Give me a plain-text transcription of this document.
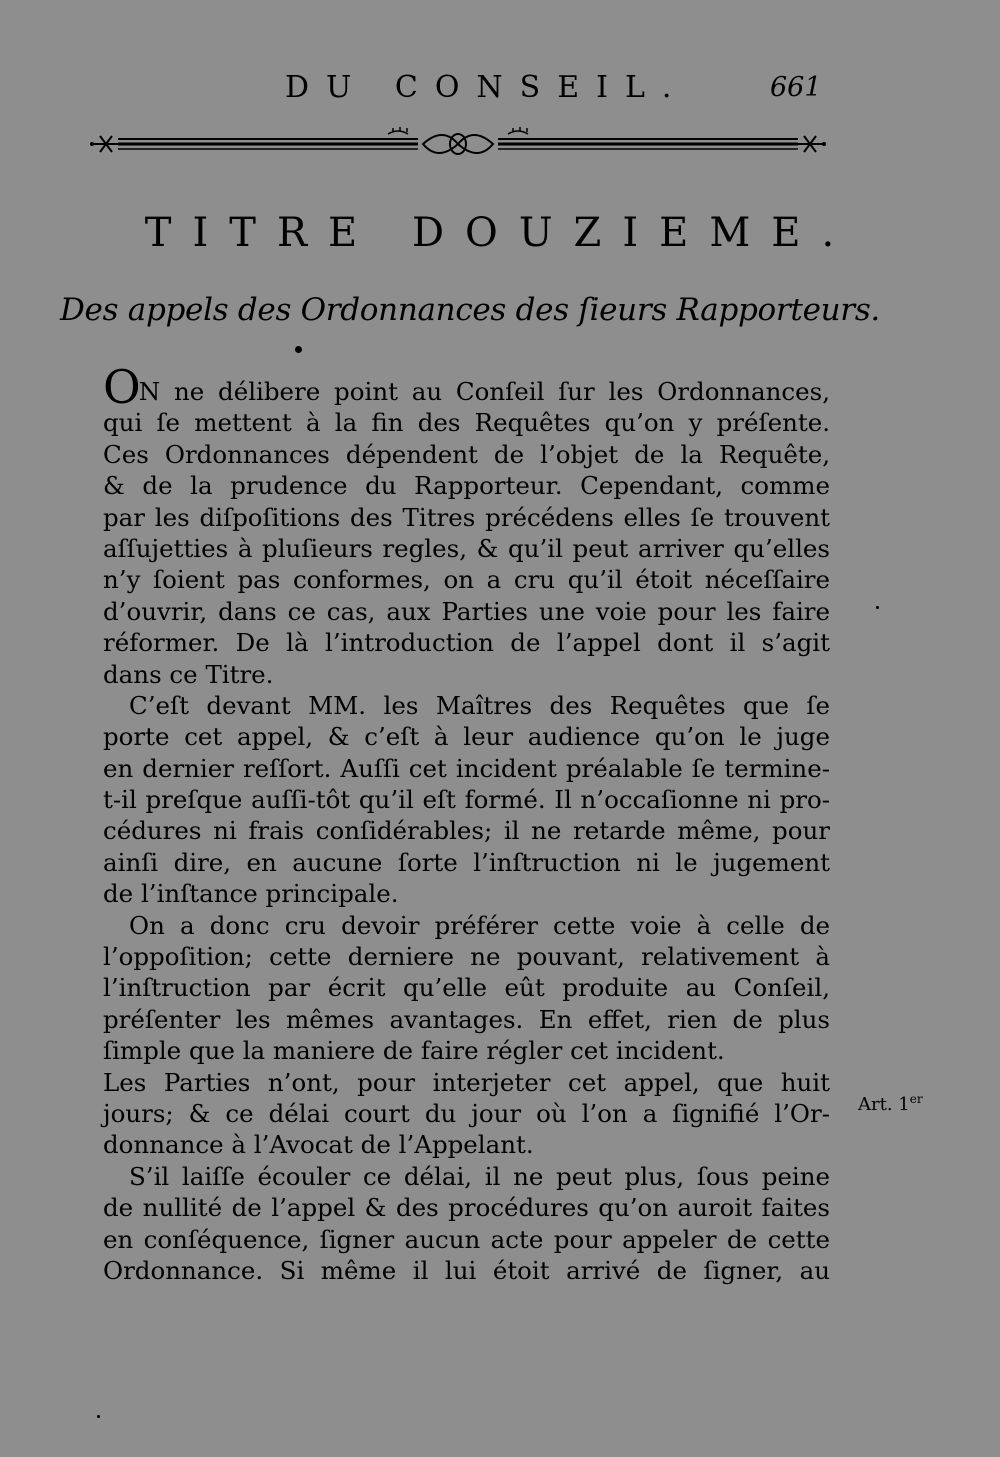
DU CONSEIL.	661
TITRE DOUZIEME.
Des appels des Ordonnances des ſieurs Rapporteurs.
ON ne délibere point au Conſeil ſur les Ordonnances,
qui ſe mettent à la fin des Requêtes qu’on y préſente.
Ces Ordonnances dépendent de l’objet de la Requête,
& de la prudence du Rapporteur. Cependant, comme
par les diſpoſitions des Titres précédens elles ſe trouvent
aſſujetties à pluſieurs regles, & qu’il peut arriver qu’elles
n’y ſoient pas conformes, on a cru qu’il étoit néceſſaire
d’ouvrir, dans ce cas, aux Parties une voie pour les faire
réformer. De là l’introduction de l’appel dont il s’agit
dans ce Titre.
C’eſt devant MM. les Maîtres des Requêtes que ſe
porte cet appel, & c’eſt à leur audience qu’on le juge
en dernier reſſort. Auſſi cet incident préalable ſe termine-
t-il preſque auſſi-tôt qu’il eſt formé. Il n’occaſionne ni pro-
cédures ni frais conſidérables; il ne retarde même, pour
ainſi dire, en aucune ſorte l’inſtruction ni le jugement
de l’inſtance principale.
On a donc cru devoir préférer cette voie à celle de
l’oppoſition; cette derniere ne pouvant, relativement à
l’inſtruction par écrit qu’elle eût produite au Conſeil,
préſenter les mêmes avantages. En effet, rien de plus
ſimple que la maniere de faire régler cet incident.
Les Parties n’ont, pour interjeter cet appel, que huit
jours; & ce délai court du jour où l’on a ſignifié l’Or-
donnance à l’Avocat de l’Appelant.
S’il laiſſe écouler ce délai, il ne peut plus, ſous peine
de nullité de l’appel & des procédures qu’on auroit faites
en conſéquence, ſigner aucun acte pour appeler de cette
Ordonnance. Si même il lui étoit arrivé de ſigner, au
Art. 1er
